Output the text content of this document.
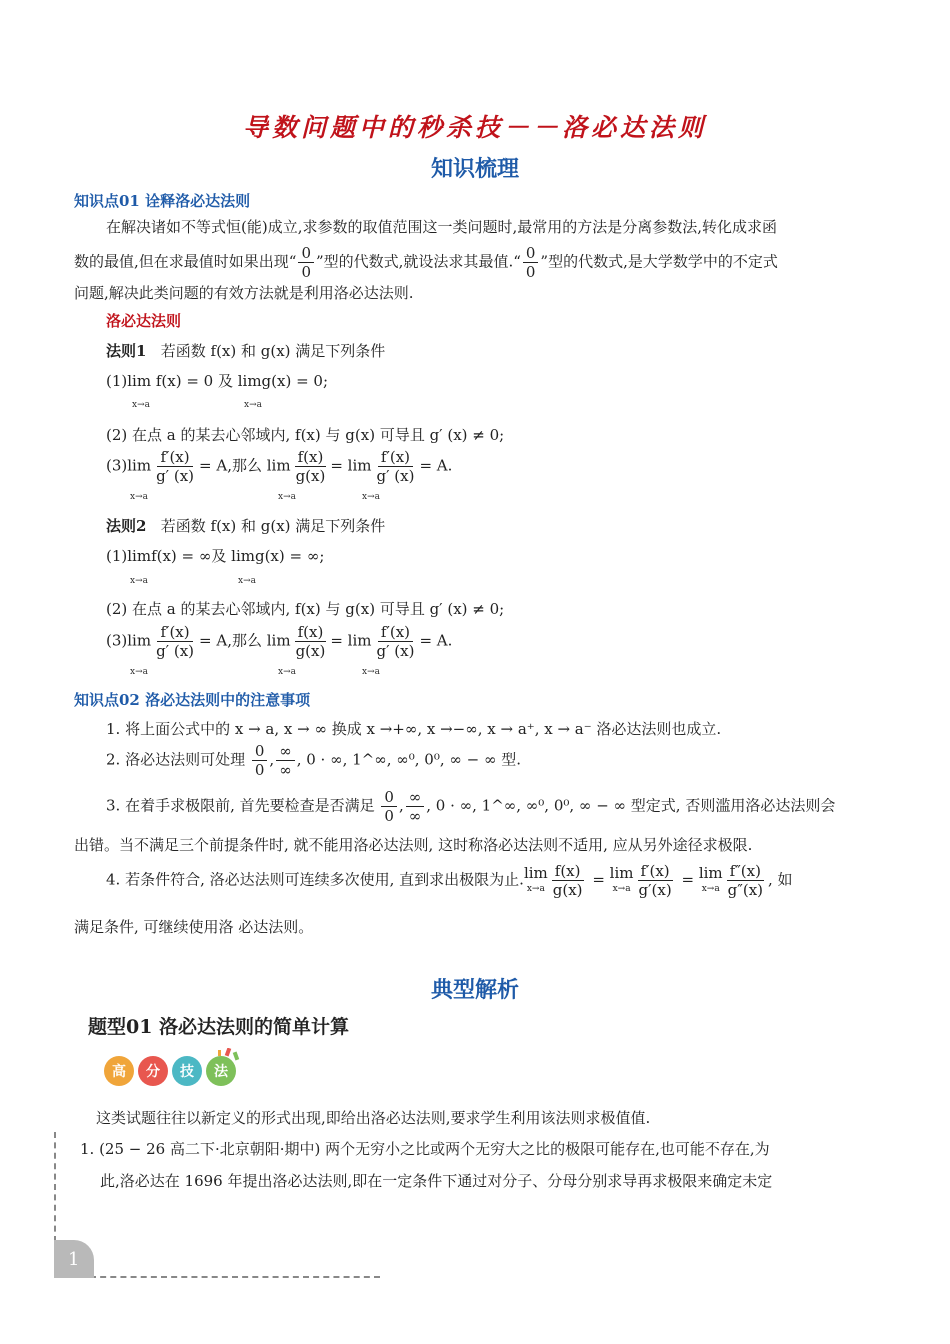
导数问题中的秒杀技－－洛必达法则
知识梳理
知识点01 诠释洛必达法则
在解决诸如不等式恒(能)成立,求参数的取值范围这一类问题时,最常用的方法是分离参数法,转化成求函
数的最值,但在求最值时如果出现“ $\frac{0}{0}$ ”型的代数式,就设法求其最值.“ $\frac{0}{0}$ ”型的代数式,是大学数学中的不定式
问题,解决此类问题的有效方法就是利用洛必达法则.
洛必达法则
法则1 若函数 f(x) 和 g(x) 满足下列条件
(1)lim f(x) = 0 及 limg(x) = 0;
x→a	x→a
(2) 在点 a 的某去心邻域内, f(x) 与 g(x) 可导且 g′ (x) ≠ 0;
$(3)\lim \frac{f'(x)}{g' (x)} = A$,那么 $\lim \frac{f(x)}{g(x)} = \lim \frac{f'(x)}{g' (x)} = A$.
x→a	x→a	x→a
法则2 若函数 f(x) 和 g(x) 满足下列条件
(1)limf(x) = ∞及 limg(x) = ∞;
x→a	x→a
(2) 在点 a 的某去心邻域内, f(x) 与 g(x) 可导且 g′ (x) ≠ 0;
$(3)\lim \frac{f'(x)}{g' (x)} = A$,那么 $\lim \frac{f(x)}{g(x)} = \lim \frac{f'(x)}{g' (x)} = A$.
x→a	x→a	x→a
知识点02 洛必达法则中的注意事项
1. 将上面公式中的 x → a, x → ∞ 换成 x →+∞, x →−∞, x → a⁺, x → a⁻ 洛必达法则也成立.
2. 洛必达法则可处理 $\frac{0}{0}$ , $\frac{\infty}{\infty}$ , 0 · ∞, 1^∞, ∞⁰, 0⁰, ∞ − ∞ 型.
3. 在着手求极限前, 首先要检查是否满足 $\frac{0}{0}$ , $\frac{\infty}{\infty}$ , 0 · ∞, 1^∞, ∞⁰, 0⁰, ∞ − ∞ 型定式, 否则滥用洛必达法则会
出错。当不满足三个前提条件时, 就不能用洛必达法则, 这时称洛必达法则不适用, 应从另外途径求极限.
4. 若条件符合, 洛必达法则可连续多次使用, 直到求出极限为止. lim
$x\to a \frac{f(x)}{g(x)} = \lim$
$x\to a \frac{f'(x)}{g'(x)} = \lim$
$x\to a \frac{f''(x)}{g''(x)}$ , 如
满足条件, 可继续使用洛 必达法则。
典型解析
题型01 洛必达法则的简单计算
高	分	技	法
这类试题往往以新定义的形式出现,即给出洛必达法则,要求学生利用该法则求极值值.
1. (25 − 26 高二下·北京朝阳·期中) 两个无穷小之比或两个无穷大之比的极限可能存在,也可能不存在,为
此,洛必达在 1696 年提出洛必达法则,即在一定条件下通过对分子、分母分别求导再求极限来确定未定
1
